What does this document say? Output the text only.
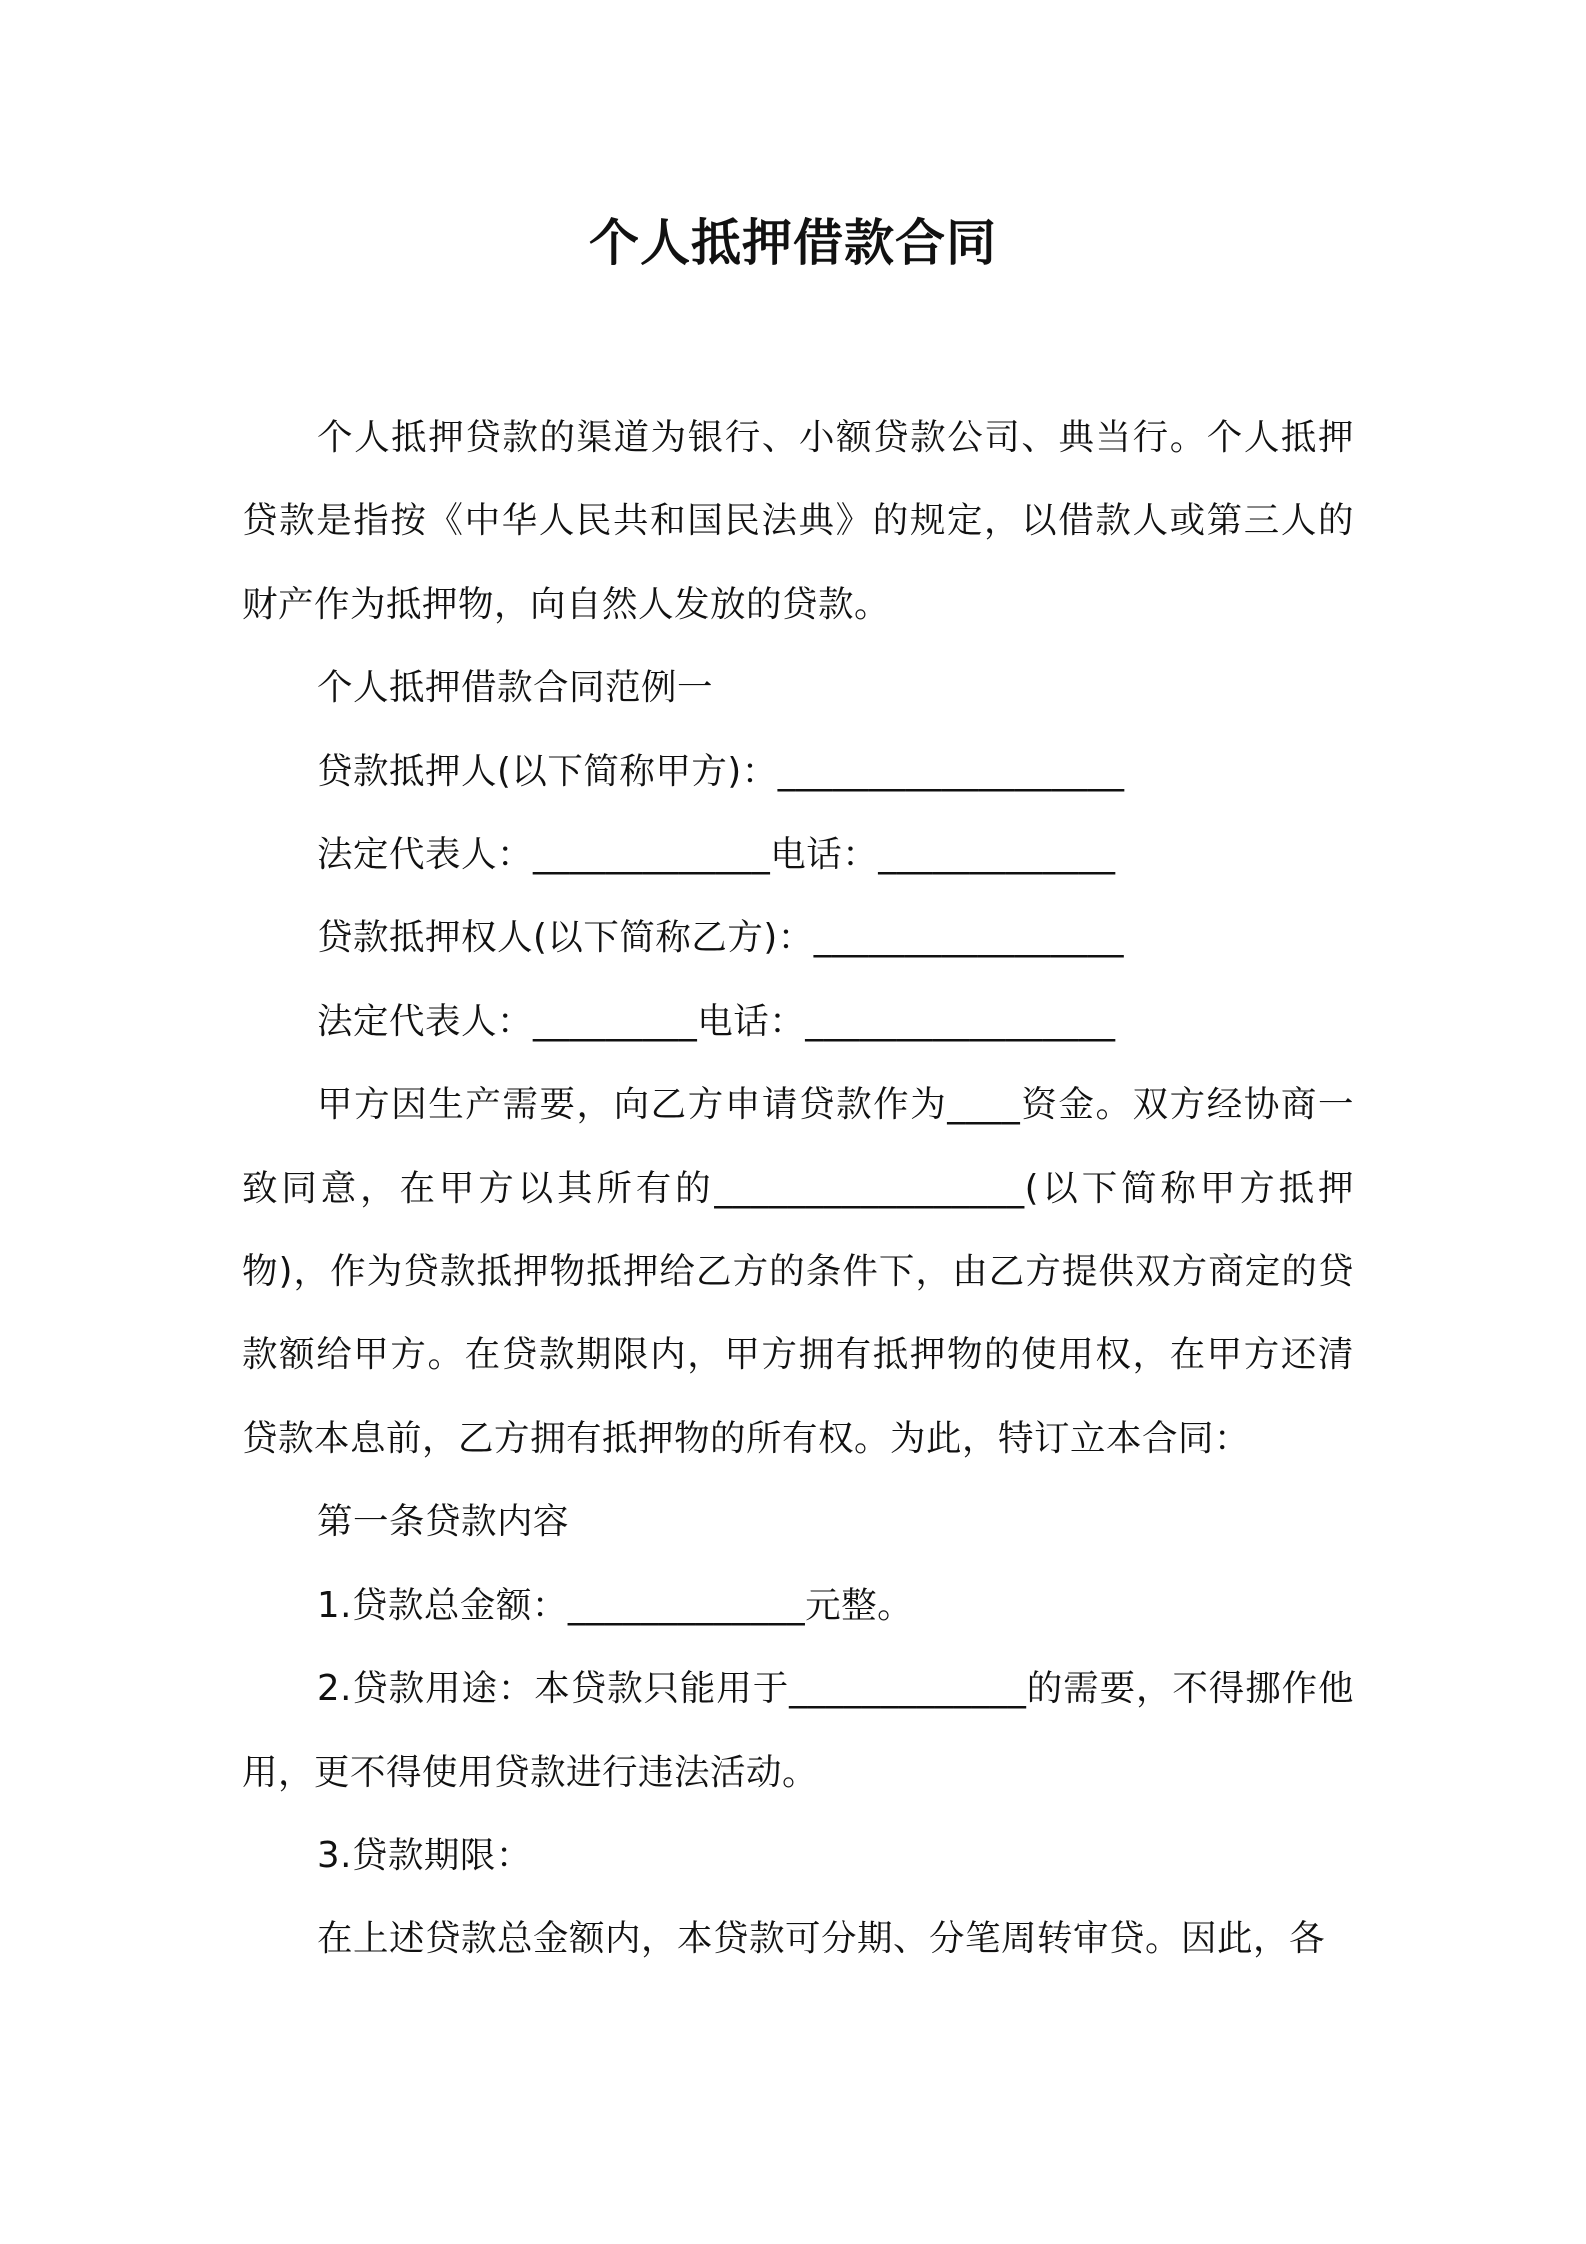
个人抵押借款合同

个人抵押贷款的渠道为银行、小额贷款公司、典当行。个人抵押贷款是指按《中华人民共和国民法典》的规定，以借款人或第三人的财产作为抵押物，向自然人发放的贷款。

个人抵押借款合同范例一

贷款抵押人(以下简称甲方)：___________________

法定代表人：_____________电话：_____________

贷款抵押权人(以下简称乙方)：_________________

法定代表人：_________电话：_________________

甲方因生产需要，向乙方申请贷款作为____资金。双方经协商一致同意，在甲方以其所有的_________________(以下简称甲方抵押物)，作为贷款抵押物抵押给乙方的条件下，由乙方提供双方商定的贷款额给甲方。在贷款期限内，甲方拥有抵押物的使用权，在甲方还清贷款本息前，乙方拥有抵押物的所有权。为此，特订立本合同：

第一条贷款内容

1.贷款总金额：_____________元整。

2.贷款用途：本贷款只能用于_____________的需要，不得挪作他用，更不得使用贷款进行违法活动。

3.贷款期限：

在上述贷款总金额内，本贷款可分期、分笔周转审贷。因此，各
